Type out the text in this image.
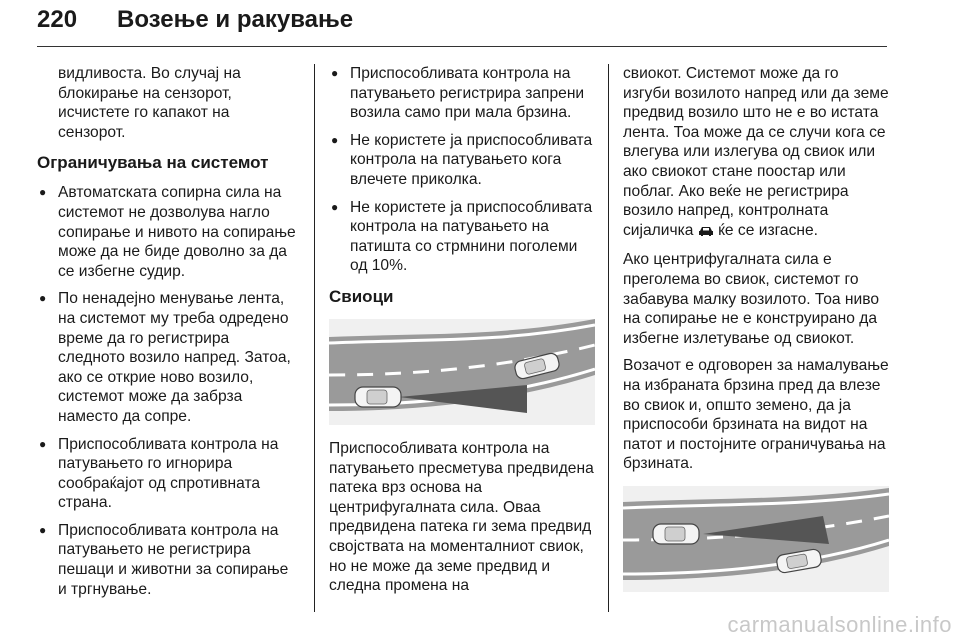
220 Возење и ракување

видливоста. Во случај на блокирање на сензорот, исчистете го капакот на сензорот.

Ограничувања на системот
● Автоматската сопирна сила на системот не дозволува нагло сопирање и нивото на сопирање може да не биде доволно за да се избегне судир.
● По ненадејно менување лента, на системот му треба одредено време да го регистрира следното возило напред. Затоа, ако се открие ново возило, системот може да забрза наместо да сопре.
● Приспособливата контрола на патувањето го игнорира сообраќајот од спротивната страна.
● Приспособливата контрола на патувањето не регистрира пешаци и животни за сопирање и тргнување.
● Приспособливата контрола на патувањето регистрира запрени возила само при мала брзина.
● Не користете ја приспособливата контрола на патувањето кога влечете приколка.
● Не користете ја приспособливата контрола на патувањето на патишта со стрмнини поголеми од 10%.
Свиоци

Приспособливата контрола на патувањето пресметува предвидена патека врз основа на центрифугалната сила. Оваа предвидена патека ги зема предвид својствата на моменталниот свиок, но не може да земе предвид и следна промена на

свиокот. Системот може да го изгуби возилото напред или да земе предвид возило што не е во истата лента. Тоа може да се случи кога се влегува или излегува од свиок или ако свиокот стане поостар или поблаг. Ако веќе не регистрира возило напред, контролната сијаличка  ќе се изгасне.

Ако центрифугалната сила е преголема во свиок, системот го забавува малку возилото. Тоа ниво на сопирање не е конструирано да избегне излетување од свиокот.

Возачот е одговорен за намалување на избраната брзина пред да влезе во свиок и, општо земено, да ја приспособи брзината на видот на патот и постојните ограничувања на брзината.

carmanualsonline.info
